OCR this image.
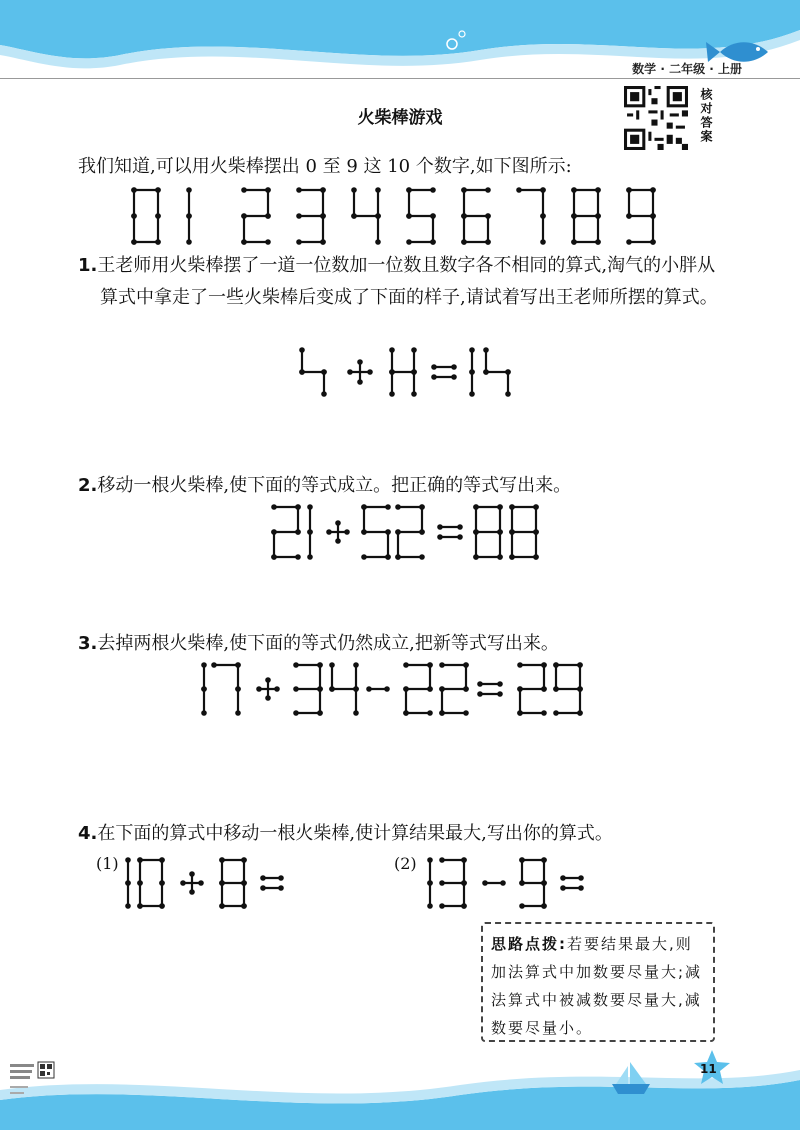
数学 · 二年级 · 上册
火柴棒游戏	核对答案
我们知道,可以用火柴棒摆出 0 至 9 这 10 个数字,如下图所示:
1.王老师用火柴棒摆了一道一位数加一位数且数字各不相同的算式,淘气的小胖从算式中拿走了一些火柴棒后变成了下面的样子,请试着写出王老师所摆的算式。
2.移动一根火柴棒,使下面的等式成立。把正确的等式写出来。
3.去掉两根火柴棒,使下面的等式仍然成立,把新等式写出来。
4.在下面的算式中移动一根火柴棒,使计算结果最大,写出你的算式。
(1)	(2)
思路点拨:若要结果最大,则加法算式中加数要尽量大;减法算式中被减数要尽量大,减数要尽量小。
11
